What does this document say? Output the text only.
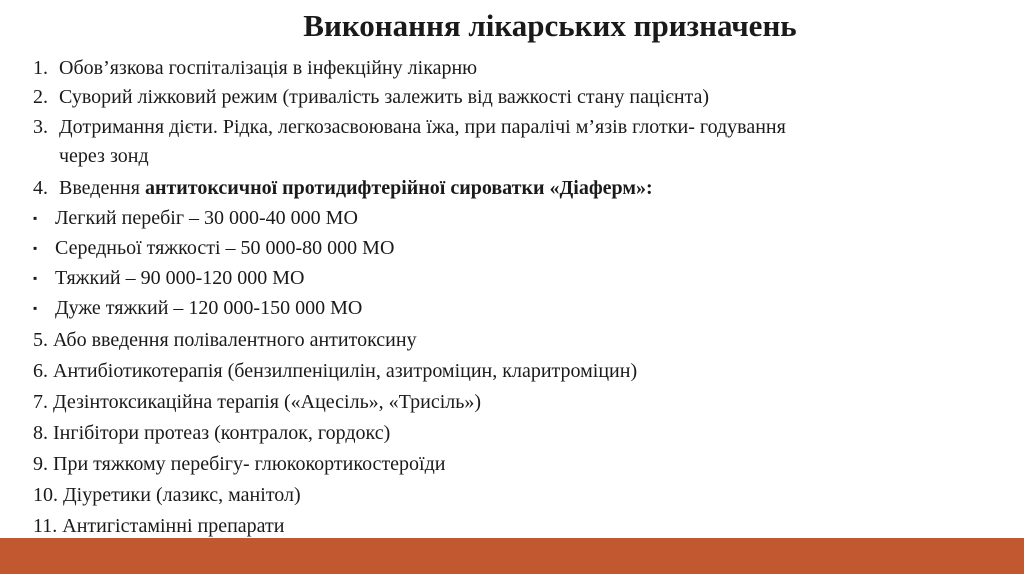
Виконання лікарських призначень
1. Обов’язкова госпіталізація в інфекційну лікарню
2. Суворий ліжковий режим (тривалість залежить від важкості стану пацієнта)
3. Дотримання дієти. Рідка, легкозасвоювана їжа, при паралічі м’язів глотки- годування
через зонд
4. Введення антитоксичної протидифтерійної сироватки «Діаферм»:
▪ Легкий перебіг – 30 000-40 000 МО
▪ Середньої тяжкості – 50 000-80 000 МО
▪ Тяжкий – 90 000-120 000 МО
▪ Дуже тяжкий – 120 000-150 000 МО
5. Або введення полівалентного антитоксину
6. Антибіотикотерапія (бензилпеніцилін, азитроміцин, кларитроміцин)
7. Дезінтоксикаційна терапія («Ацесіль», «Трисіль»)
8. Інгібітори протеаз (контралок, гордокс)
9. При тяжкому перебігу- глюкокортикостероїди
10. Діуретики (лазикс, манітол)
11. Антигістамінні препарати
